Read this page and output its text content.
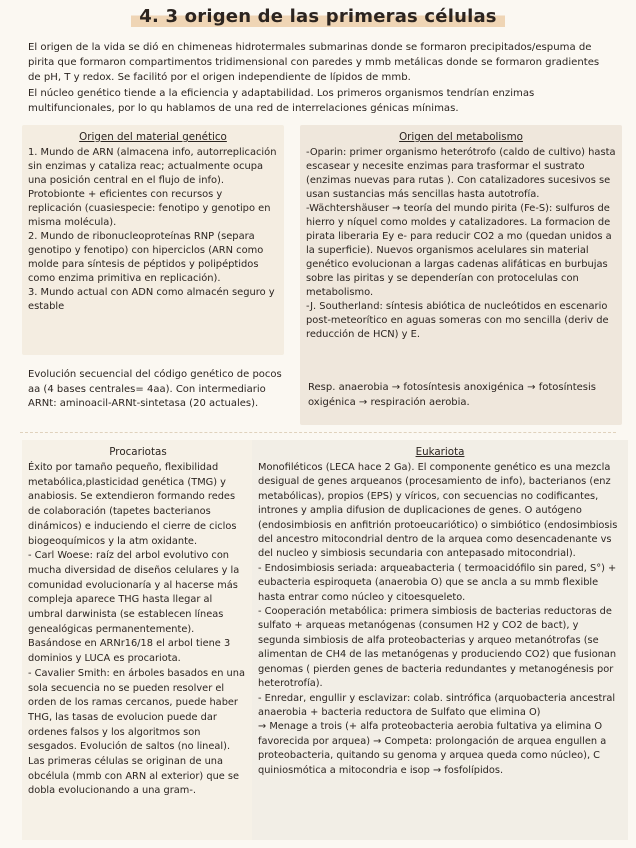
4. 3 origen de las primeras células
El origen de la vida se dió en chimeneas hidrotermales submarinas donde se formaron precipitados/espuma de pirita que formaron compartimentos tridimensional con paredes y mmb metálicas donde se formaron gradientes de pH, T y redox. Se facilitó por el origen independiente de lípidos de mmb.
El núcleo genético tiende a la eficiencia y adaptabilidad. Los primeros organismos tendrían enzimas multifuncionales, por lo qu hablamos de una red de interrelaciones génicas mínimas.
Origen del material genético
1. Mundo de ARN (almacena info, autorreplicación sin enzimas y cataliza reac; actualmente ocupa una posición central en el flujo de info). Protobionte + eficientes con recursos y replicación (cuasiespecie: fenotipo y genotipo en misma molécula).
2. Mundo de ribonucleoproteínas RNP (separa genotipo y fenotipo) con hiperciclos (ARN como molde para síntesis de péptidos y polipéptidos como enzima primitiva en replicación).
3. Mundo actual con ADN como almacén seguro y estable
Evolución secuencial del código genético de pocos aa (4 bases centrales= 4aa). Con intermediario ARNt: aminoacil-ARNt-sintetasa (20 actuales).
Origen del metabolismo
-Oparin: primer organismo heterótrofo (caldo de cultivo) hasta escasear y necesite enzimas para trasformar el sustrato (enzimas nuevas para rutas ). Con catalizadores sucesivos se usan sustancias más sencillas hasta autotrofía.
-Wächtershäuser → teoría del mundo pirita (Fe-S): sulfuros de hierro y níquel como moldes y catalizadores. La formacion de pirata liberaria Ey e- para reducir CO2 a mo (quedan unidos a la superficie). Nuevos organismos acelulares sin material genético evolucionan a largas cadenas alifáticas en burbujas sobre las piritas y se dependerían con protocelulas con metabolismo.
-J. Southerland: síntesis abiótica de nucleótidos en escenario post-meteorítico en aguas someras con mo sencilla (deriv de reducción de HCN) y E.
Resp. anaerobia → fotosíntesis anoxigénica → fotosíntesis oxigénica → respiración aerobia.
Procariotas
Éxito por tamaño pequeño, flexibilidad metabólica,plasticidad genética (TMG) y anabiosis. Se extendieron formando redes de colaboración (tapetes bacterianos dinámicos) e induciendo el cierre de ciclos biogeoquímicos y la atm oxidante.
- Carl Woese: raíz del arbol evolutivo con mucha diversidad de diseños celulares y la comunidad evolucionaría y al hacerse más compleja aparece THG hasta llegar al umbral darwinista (se establecen líneas genealógicas permanentemente). Basándose en ARNr16/18 el arbol tiene 3 dominios y LUCA es procariota.
- Cavalier Smith: en árboles basados en una sola secuencia no se pueden resolver el orden de los ramas cercanos, puede haber THG, las tasas de evolucion puede dar ordenes falsos y los algoritmos son sesgados. Evolución de saltos (no lineal). Las primeras células se originan de una obcélula (mmb con ARN al exterior) que se dobla evolucionando a una gram-.
Eukariota
Monofiléticos (LECA hace 2 Ga). El componente genético es una mezcla desigual de genes arqueanos (procesamiento de info), bacterianos (enz metabólicas), propios (EPS) y víricos, con secuencias no codificantes, intrones y amplia difusion de duplicaciones de genes. O autógeno (endosimbiosis en anfitrión protoeucariótico) o simbiótico (endosimbiosis del ancestro mitocondrial dentro de la arquea como desencadenante vs del nucleo y simbiosis secundaria con antepasado mitocondrial).
- Endosimbiosis seriada: arqueabacteria ( termoacidófilo sin pared, S°) + eubacteria espiroqueta (anaerobia O) que se ancla a su mmb flexible hasta entrar como núcleo y citoesqueleto.
- Cooperación metabólica: primera simbiosis de bacterias reductoras de sulfato + arqueas metanógenas (consumen H2 y CO2 de bact), y segunda simbiosis de alfa proteobacterias y arqueo metanótrofas (se alimentan de CH4 de las metanógenas y produciendo CO2) que fusionan genomas ( pierden genes de bacteria redundantes y metanogénesis por heterotrofía).
- Enredar, engullir y esclavizar: colab. sintrófica (arquobacteria ancestral anaerobia + bacteria reductora de Sulfato que elimina O)
→ Menage a trois (+ alfa proteobacteria aerobia fultativa ya elimina O favorecida por arquea) → Competa: prolongación de arquea engullen a proteobacteria, quitando su genoma y arquea queda como núcleo), C quiniosmótica a mitocondria e isop → fosfolípidos.
